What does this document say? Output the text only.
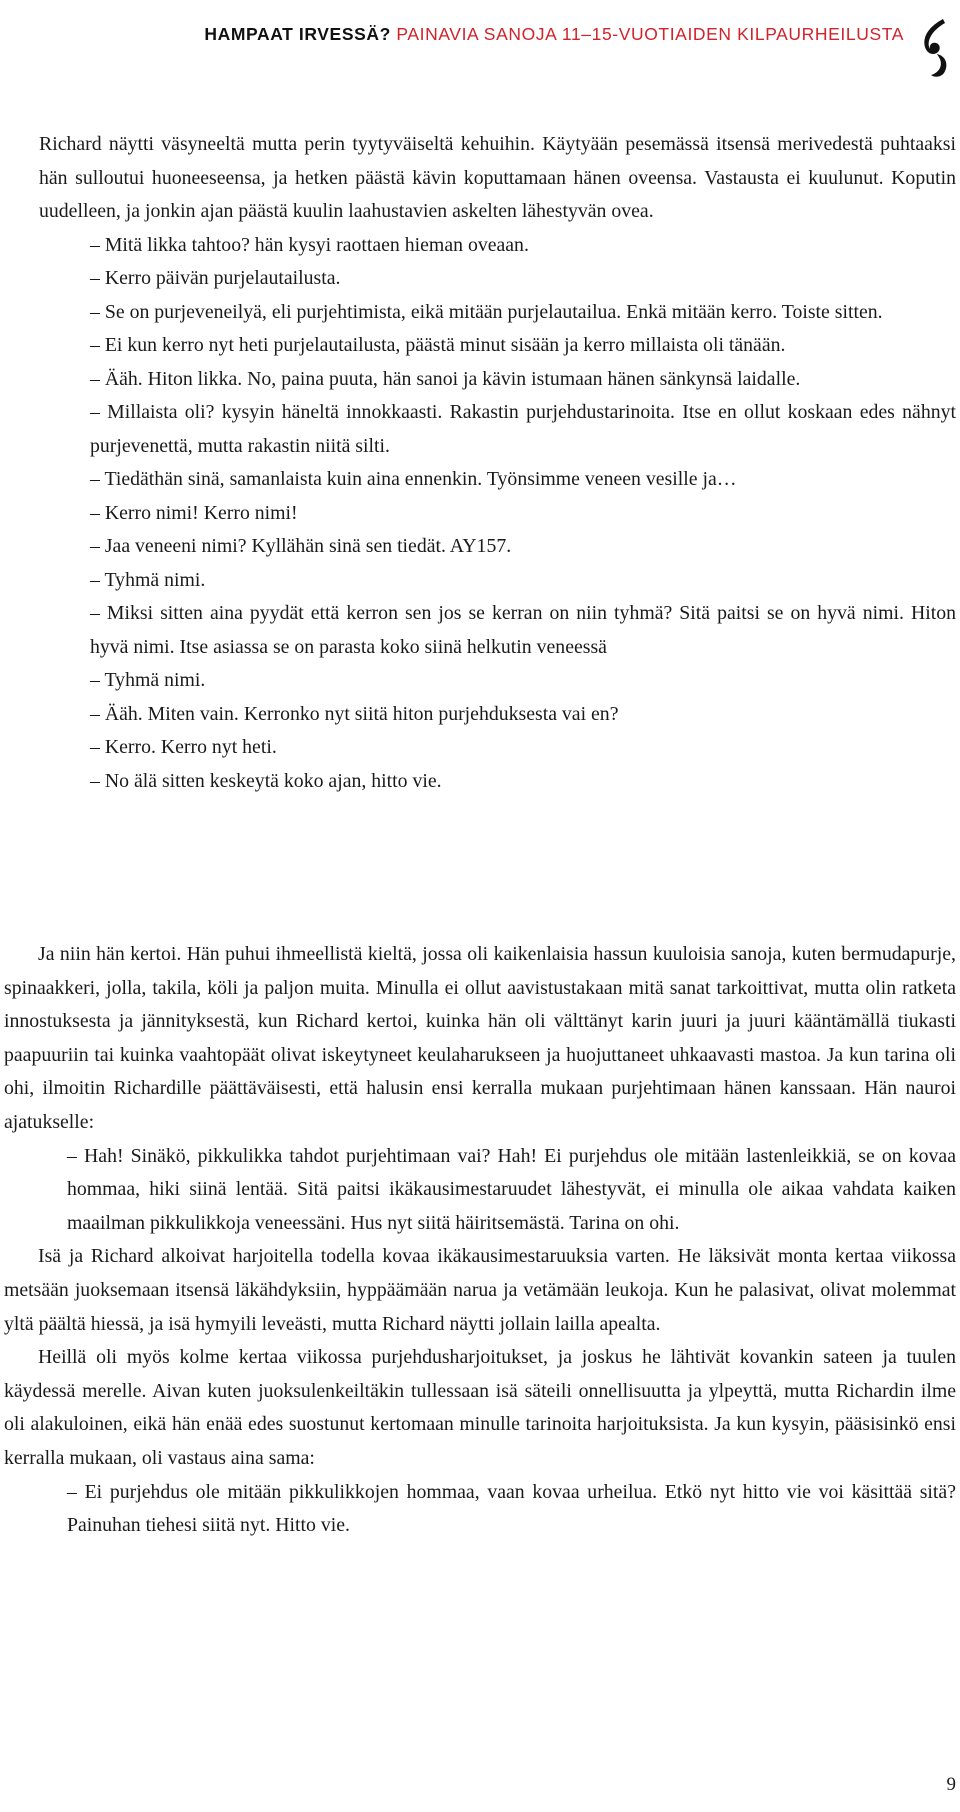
HAMPAAT IRVESSÄ? PAINAVIA SANOJA 11–15-VUOTIAIDEN KILPAURHEILUSTA

Richard näytti väsyneeltä mutta perin tyytyväiseltä kehuihin. Käytyään pesemässä itsensä merivedestä puhtaaksi hän sulloutui huoneeseensa, ja hetken päästä kävin koputtamaan hänen oveensa. Vastausta ei kuulunut. Koputin uudelleen, ja jonkin ajan päästä kuulin laahustavien askelten lähestyvän ovea.

– Mitä likka tahtoo? hän kysyi raottaen hieman oveaan.

– Kerro päivän purjelautailusta.

– Se on purjeveneilyä, eli purjehtimista, eikä mitään purjelautailua. Enkä mitään kerro. Toiste sitten.

– Ei kun kerro nyt heti purjelautailusta, päästä minut sisään ja kerro millaista oli tänään.

– Ääh. Hiton likka. No, paina puuta, hän sanoi ja kävin istumaan hänen sänkynsä laidalle.

– Millaista oli? kysyin häneltä innokkaasti. Rakastin purjehdustarinoita. Itse en ollut koskaan edes nähnyt purjevenettä, mutta rakastin niitä silti.

– Tiedäthän sinä, samanlaista kuin aina ennenkin. Työnsimme veneen vesille ja…

– Kerro nimi! Kerro nimi!

– Jaa veneeni nimi? Kyllähän sinä sen tiedät. AY157.

– Tyhmä nimi.

– Miksi sitten aina pyydät että kerron sen jos se kerran on niin tyhmä? Sitä paitsi se on hyvä nimi. Hiton hyvä nimi. Itse asiassa se on parasta koko siinä helkutin veneessä

– Tyhmä nimi.

– Ääh. Miten vain. Kerronko nyt siitä hiton purjehduksesta vai en?

– Kerro. Kerro nyt heti.

– No älä sitten keskeytä koko ajan, hitto vie.

Ja niin hän kertoi. Hän puhui ihmeellistä kieltä, jossa oli kaikenlaisia hassun kuuloisia sanoja, kuten bermudapurje, spinaakkeri, jolla, takila, köli ja paljon muita. Minulla ei ollut aavistustakaan mitä sanat tarkoittivat, mutta olin ratketa innostuksesta ja jännityksestä, kun Richard kertoi, kuinka hän oli välttänyt karin juuri ja juuri kääntämällä tiukasti paapuuriin tai kuinka vaahtopäät olivat iskeytyneet keulaharukseen ja huojuttaneet uhkaavasti mastoa. Ja kun tarina oli ohi, ilmoitin Richardille päättäväisesti, että halusin ensi kerralla mukaan purjehtimaan hänen kanssaan. Hän nauroi ajatukselle:

– Hah! Sinäkö, pikkulikka tahdot purjehtimaan vai? Hah! Ei purjehdus ole mitään lastenleikkiä, se on kovaa hommaa, hiki siinä lentää. Sitä paitsi ikäkausimestaruudet lähestyvät, ei minulla ole aikaa vahdata kaiken maailman pikkulikkoja veneessäni. Hus nyt siitä häiritsemästä. Tarina on ohi.

Isä ja Richard alkoivat harjoitella todella kovaa ikäkausimestaruuksia varten. He läksivät monta kertaa viikossa metsään juoksemaan itsensä läkähdyksiin, hyppäämään narua ja vetämään leukoja. Kun he palasivat, olivat molemmat yltä päältä hiessä, ja isä hymyili leveästi, mutta Richard näytti jollain lailla apealta.

Heillä oli myös kolme kertaa viikossa purjehdusharjoitukset, ja joskus he lähtivät kovankin sateen ja tuulen käydessä merelle. Aivan kuten juoksulenkeiltäkin tullessaan isä säteili onnellisuutta ja ylpeyttä, mutta Richardin ilme oli alakuloinen, eikä hän enää edes suostunut kertomaan minulle tarinoita harjoituksista. Ja kun kysyin, pääsisinkö ensi kerralla mukaan, oli vastaus aina sama:

– Ei purjehdus ole mitään pikkulikkojen hommaa, vaan kovaa urheilua. Etkö nyt hitto vie voi käsittää sitä? Painuhan tiehesi siitä nyt. Hitto vie.

9
